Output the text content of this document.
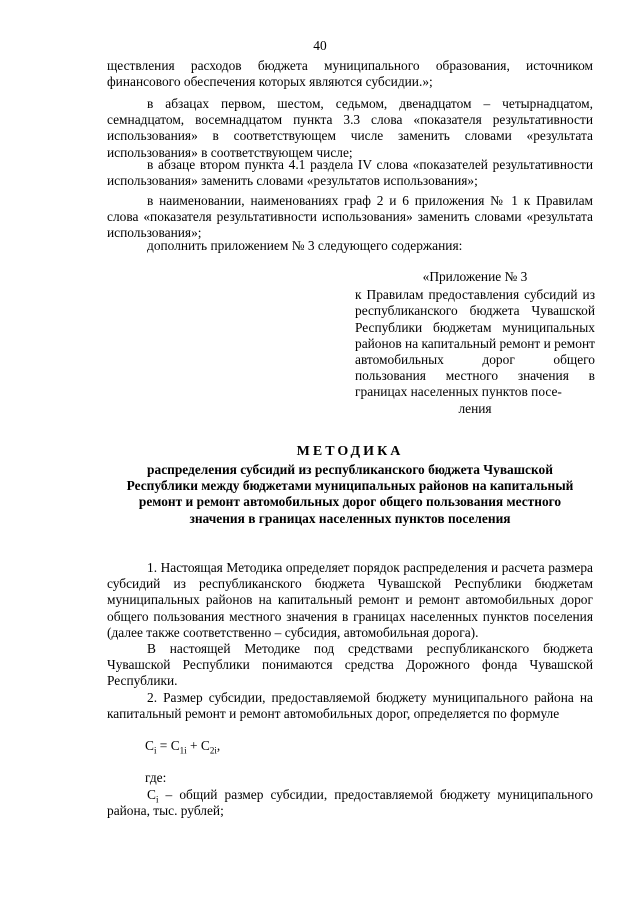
40

ществления расходов бюджета муниципального образования, источником финансового обеспечения которых являются субсидии.»;

в абзацах первом, шестом, седьмом, двенадцатом – четырнадцатом, семнадцатом, восемнадцатом пункта 3.3 слова «показателя результативности использования» в соответствующем числе заменить словами «результата использования» в соответствующем числе;

в абзаце втором пункта 4.1 раздела IV слова «показателей результативности использования» заменить словами «результатов использования»;

в наименовании, наименованиях граф 2 и 6 приложения № 1 к Правилам слова «показателя результативности использования» заменить словами «результата использования»;

дополнить приложением № 3 следующего содержания:

«Приложение № 3
к Правилам предоставления субсидий из республиканского бюджета Чувашской Республики бюджетам муниципальных районов на капитальный ремонт и ремонт автомобильных дорог общего пользования местного значения в границах населенных пунктов посе-
ления
МЕТОДИКА

распределения субсидий из республиканского бюджета Чувашской Республики между бюджетами муниципальных районов на капитальный ремонт и ремонт автомобильных дорог общего пользования местного значения в границах населенных пунктов поселения

1. Настоящая Методика определяет порядок распределения и расчета размера субсидий из республиканского бюджета Чувашской Республики бюджетам муниципальных районов на капитальный ремонт и ремонт автомобильных дорог общего пользования местного значения в границах населенных пунктов поселения (далее также соответственно – субсидия, автомобильная дорога).

В настоящей Методике под средствами республиканского бюджета Чувашской Республики понимаются средства Дорожного фонда Чувашской Республики.

2. Размер субсидии, предоставляемой бюджету муниципального района на капитальный ремонт и ремонт автомобильных дорог, определяется по формуле

$C_i = C_{1i} + C_{2i}$,
где:

$C_i$ – общий размер субсидии, предоставляемой бюджету муниципального района, тыс. рублей;
